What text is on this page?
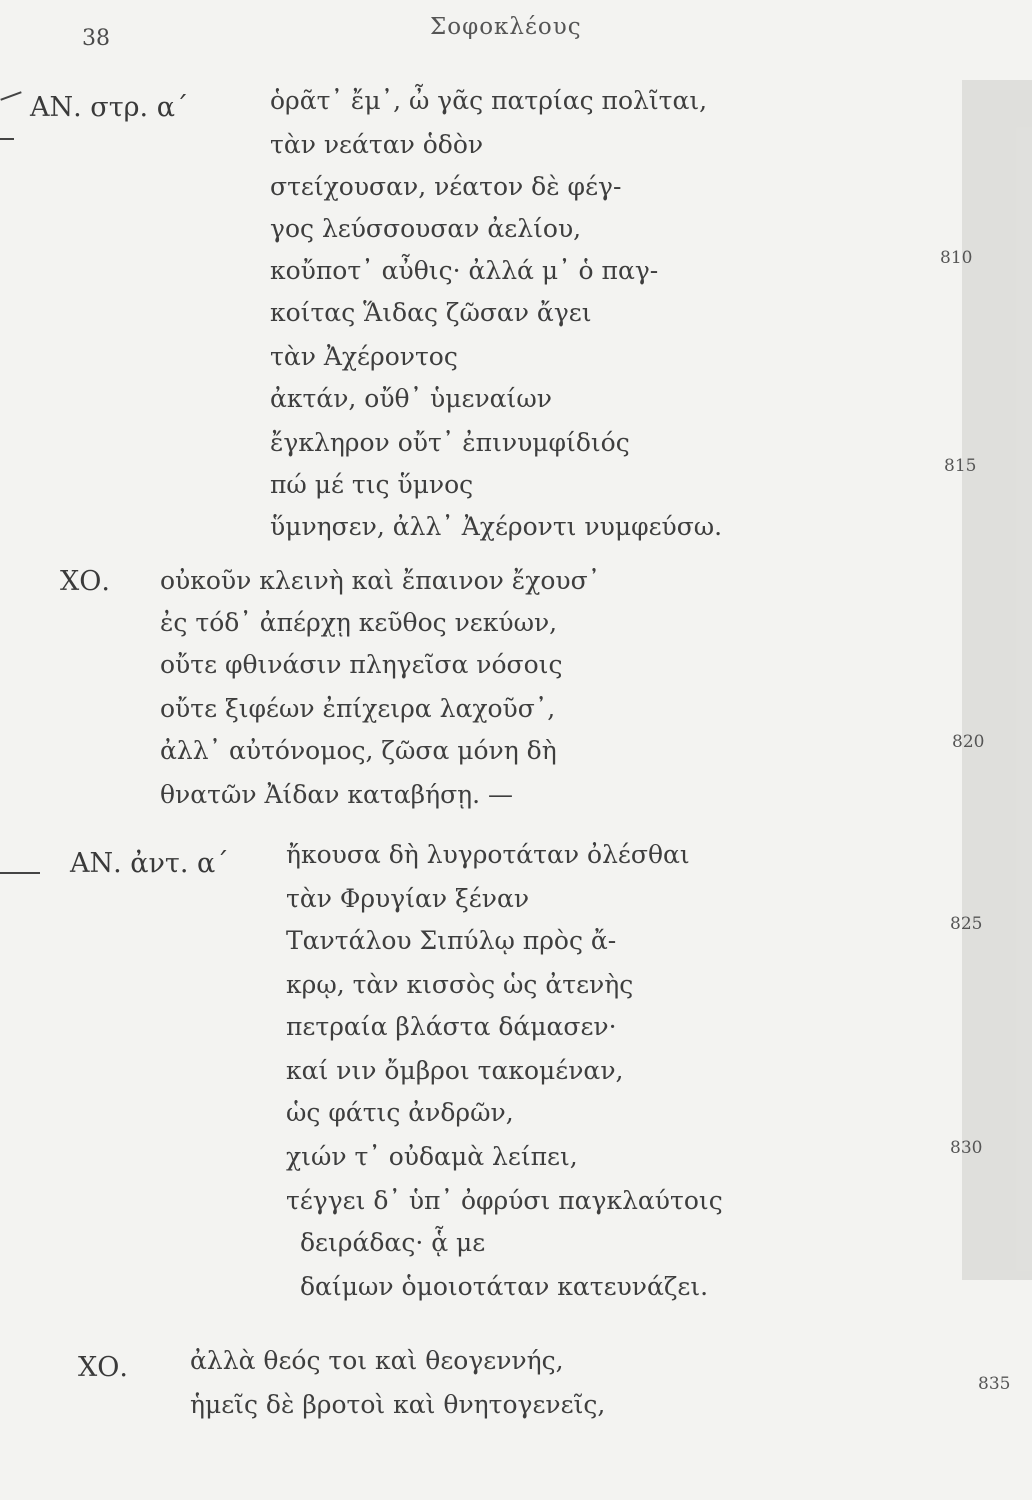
38	Σοφοκλέους
ΑΝ. στρ. α´	ὁρᾶτ᾽ ἔμ᾽, ὦ γᾶς πατρίας πολῖται,
τὰν νεάταν ὁδὸν
στείχουσαν, νέατον δὲ φέγ-
γος λεύσσουσαν ἀελίου,
κοὔποτ᾽ αὖθις· ἀλλά μ᾽ ὁ παγ-
κοίτας Ἅιδας ζῶσαν ἄγει
τὰν Ἀχέροντος
ἀκτάν, οὔθ᾽ ὑμεναίων
ἔγκληρον οὔτ᾽ ἐπινυμφίδιός
πώ μέ τις ὕμνος
ὕμνησεν, ἀλλ᾽ Ἀχέροντι νυμφεύσω.
ΧΟ. οὐκοῦν κλεινὴ καὶ ἔπαινον ἔχουσ᾽
ἐς τόδ᾽ ἀπέρχῃ κεῦθος νεκύων,
οὔτε φθινάσιν πληγεῖσα νόσοις
οὔτε ξιφέων ἐπίχειρα λαχοῦσ᾽,
ἀλλ᾽ αὐτόνομος, ζῶσα μόνη δὴ
θνατῶν Ἀίδαν καταβήσῃ. —
ΑΝ. ἀντ. α´ ἤκουσα δὴ λυγροτάταν ὀλέσθαι
τὰν Φρυγίαν ξέναν
Ταντάλου Σιπύλῳ πρὸς ἄ-
κρῳ, τὰν κισσὸς ὡς ἀτενὴς
πετραία βλάστα δάμασεν·
καί νιν ὄμβροι τακομέναν,
ὡς φάτις ἀνδρῶν,
χιών τ᾽ οὐδαμὰ λείπει,
τέγγει δ᾽ ὑπ᾽ ὀφρύσι παγκλαύτοις
δειράδας· ᾇ με
δαίμων ὁμοιοτάταν κατευνάζει.
ΧΟ. ἀλλὰ θεός τοι καὶ θεογεννής,
ἡμεῖς δὲ βροτοὶ καὶ θνητογενεῖς,
810
815
820
825
830
835
